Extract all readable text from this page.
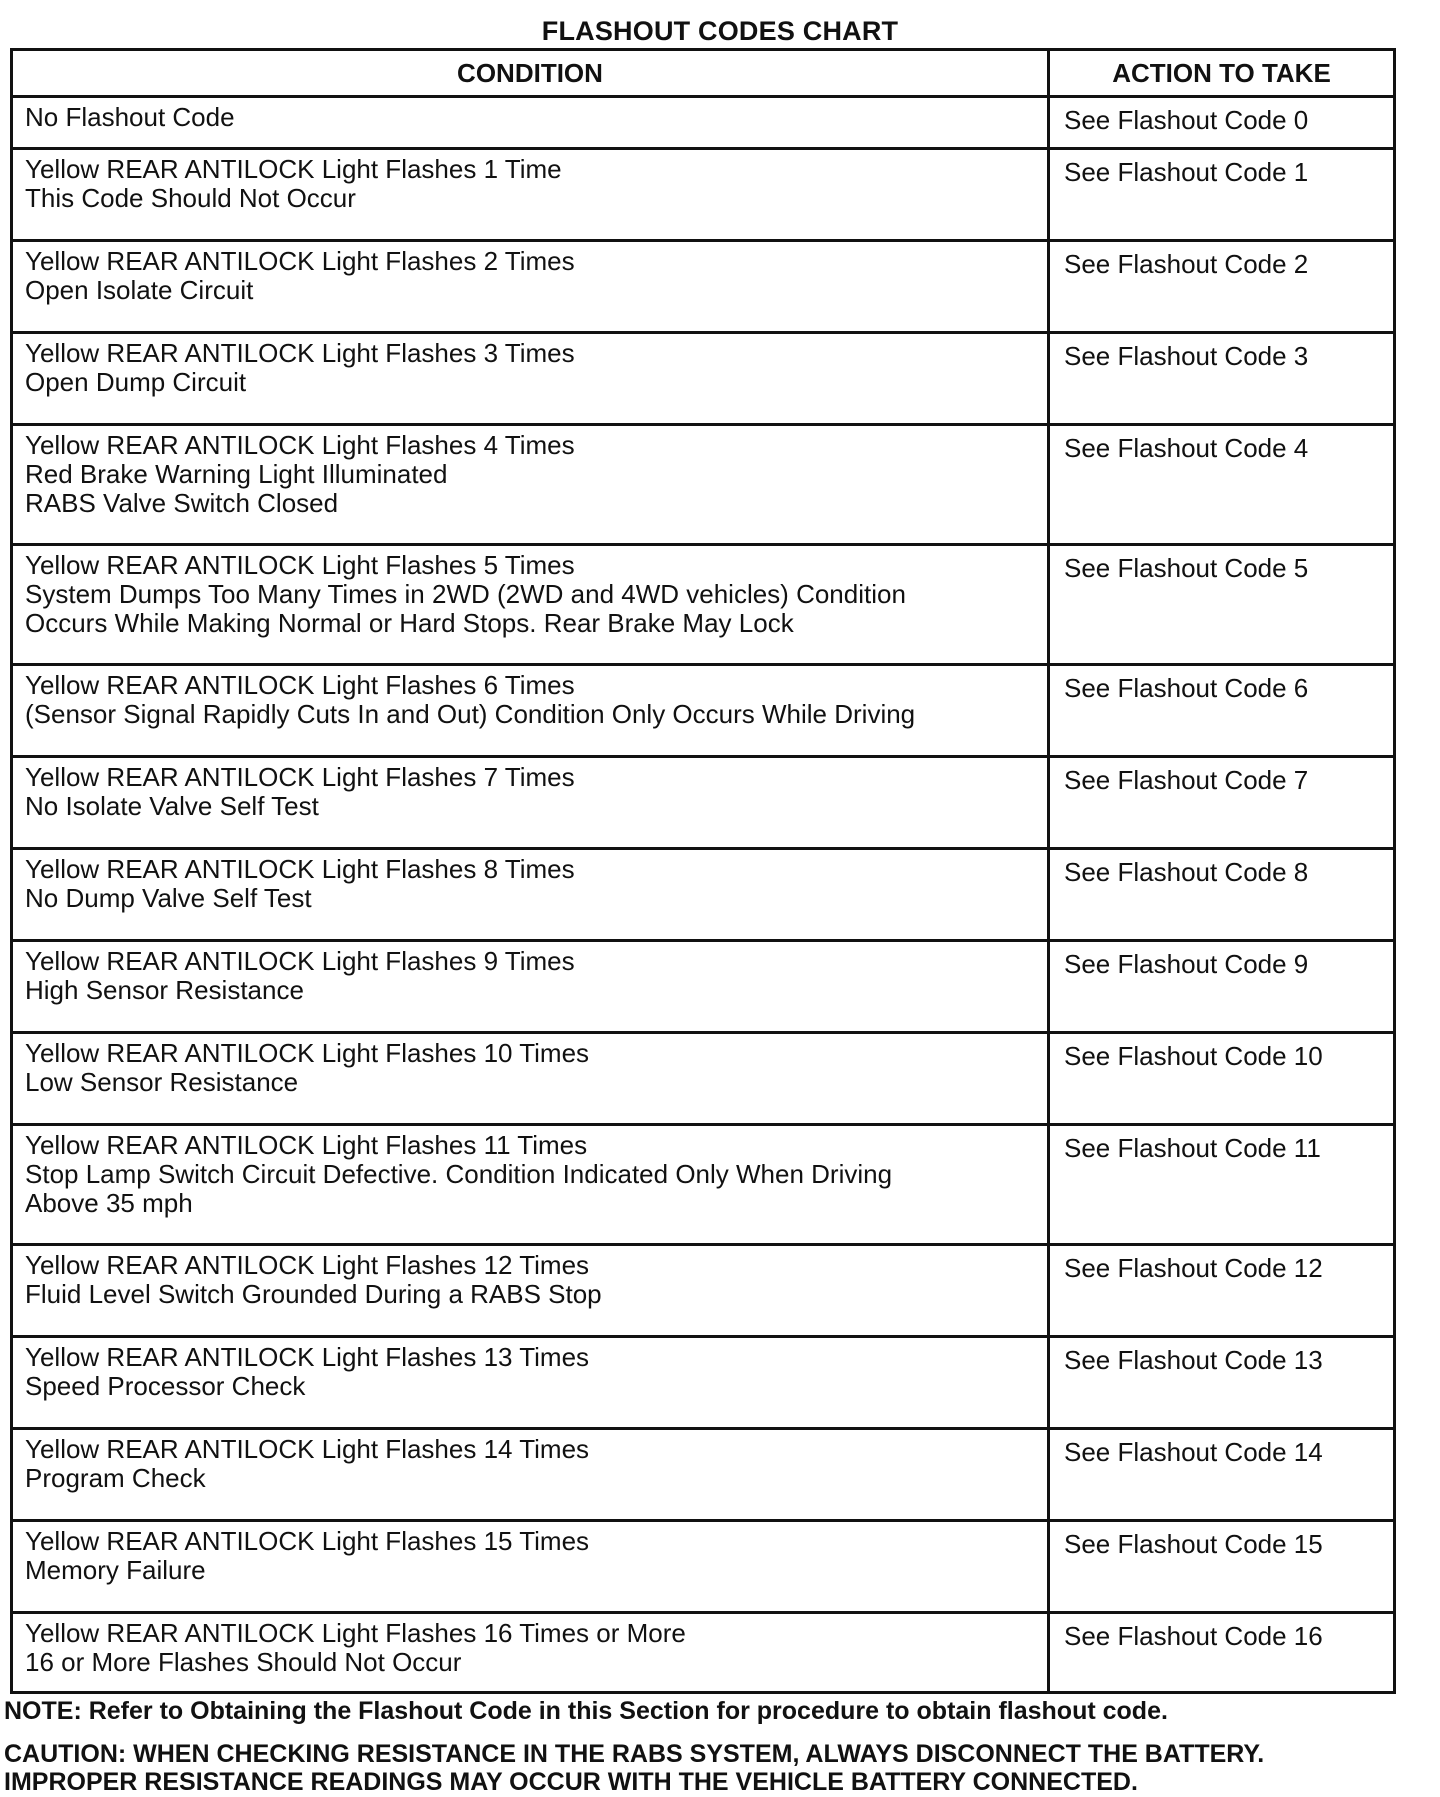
FLASHOUT CODES CHART
CONDITION	ACTION TO TAKE

No Flashout Code	See Flashout Code 0

Yellow REAR ANTILOCK Light Flashes 1 Time
This Code Should Not Occur	See Flashout Code 1

Yellow REAR ANTILOCK Light Flashes 2 Times
Open Isolate Circuit	See Flashout Code 2

Yellow REAR ANTILOCK Light Flashes 3 Times
Open Dump Circuit	See Flashout Code 3

Yellow REAR ANTILOCK Light Flashes 4 Times
Red Brake Warning Light Illuminated
RABS Valve Switch Closed	See Flashout Code 4

Yellow REAR ANTILOCK Light Flashes 5 Times
System Dumps Too Many Times in 2WD (2WD and 4WD vehicles) Condition
Occurs While Making Normal or Hard Stops. Rear Brake May Lock	See Flashout Code 5

Yellow REAR ANTILOCK Light Flashes 6 Times
(Sensor Signal Rapidly Cuts In and Out) Condition Only Occurs While Driving	See Flashout Code 6

Yellow REAR ANTILOCK Light Flashes 7 Times
No Isolate Valve Self Test	See Flashout Code 7

Yellow REAR ANTILOCK Light Flashes 8 Times
No Dump Valve Self Test	See Flashout Code 8

Yellow REAR ANTILOCK Light Flashes 9 Times
High Sensor Resistance	See Flashout Code 9

Yellow REAR ANTILOCK Light Flashes 10 Times
Low Sensor Resistance	See Flashout Code 10

Yellow REAR ANTILOCK Light Flashes 11 Times
Stop Lamp Switch Circuit Defective. Condition Indicated Only When Driving
Above 35 mph	See Flashout Code 11

Yellow REAR ANTILOCK Light Flashes 12 Times
Fluid Level Switch Grounded During a RABS Stop	See Flashout Code 12

Yellow REAR ANTILOCK Light Flashes 13 Times
Speed Processor Check	See Flashout Code 13

Yellow REAR ANTILOCK Light Flashes 14 Times
Program Check	See Flashout Code 14

Yellow REAR ANTILOCK Light Flashes 15 Times
Memory Failure	See Flashout Code 15

Yellow REAR ANTILOCK Light Flashes 16 Times or More
16 or More Flashes Should Not Occur	See Flashout Code 16
NOTE: Refer to Obtaining the Flashout Code in this Section for procedure to obtain flashout code.
CAUTION: WHEN CHECKING RESISTANCE IN THE RABS SYSTEM, ALWAYS DISCONNECT THE BATTERY.
IMPROPER RESISTANCE READINGS MAY OCCUR WITH THE VEHICLE BATTERY CONNECTED.
